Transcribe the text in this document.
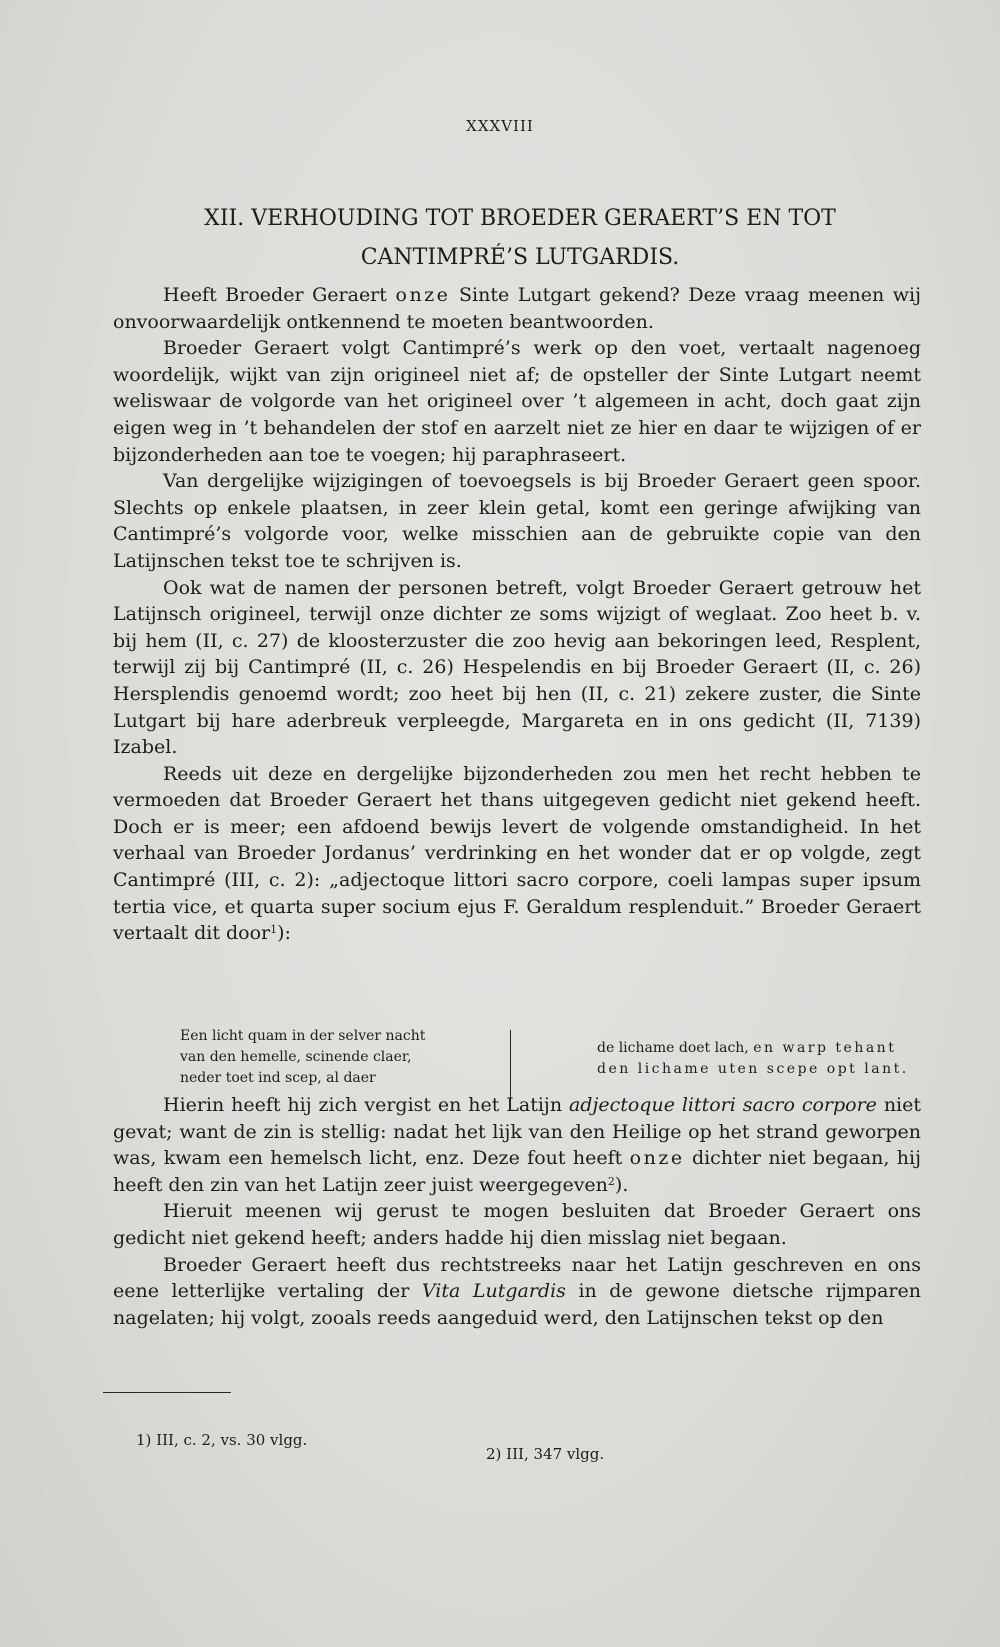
XXXVIII
XII. VERHOUDING TOT BROEDER GERAERT’S EN TOT
CANTIMPRÉ’S LUTGARDIS.

Heeft Broeder Geraert onze Sinte Lutgart gekend? Deze vraag meenen wij onvoorwaardelijk ontkennend te moeten beantwoorden.

Broeder Geraert volgt Cantimpré’s werk op den voet, vertaalt nagenoeg woordelijk, wijkt van zijn origineel niet af; de opsteller der Sinte Lutgart neemt weliswaar de volgorde van het origineel over ’t algemeen in acht, doch gaat zijn eigen weg in ’t behandelen der stof en aarzelt niet ze hier en daar te wijzigen of er bijzonderheden aan toe te voegen; hij paraphraseert.

Van dergelijke wijzigingen of toevoegsels is bij Broeder Geraert geen spoor. Slechts op enkele plaatsen, in zeer klein getal, komt een geringe afwijking van Cantimpré’s volgorde voor, welke misschien aan de gebruikte copie van den Latijnschen tekst toe te schrijven is.

Ook wat de namen der personen betreft, volgt Broeder Geraert getrouw het Latijnsch origineel, terwijl onze dichter ze soms wijzigt of weglaat. Zoo heet b. v. bij hem (II, c. 27) de kloosterzuster die zoo hevig aan bekoringen leed, Resplent, terwijl zij bij Cantimpré (II, c. 26) Hespelendis en bij Broeder Geraert (II, c. 26) Hersplendis genoemd wordt; zoo heet bij hen (II, c. 21) zekere zuster, die Sinte Lutgart bij hare aderbreuk verpleegde, Margareta en in ons gedicht (II, 7139) Izabel.

Reeds uit deze en dergelijke bijzonderheden zou men het recht hebben te vermoeden dat Broeder Geraert het thans uitgegeven gedicht niet gekend heeft. Doch er is meer; een afdoend bewijs levert de volgende omstandigheid. In het verhaal van Broeder Jordanus’ verdrinking en het wonder dat er op volgde, zegt Cantimpré (III, c. 2): „adjectoque littori sacro corpore, coeli lampas super ipsum tertia vice, et quarta super socium ejus F. Geraldum resplenduit.” Broeder Geraert vertaalt dit door$^1$):

Een licht quam in der selver nacht
van den hemelle, scinende claer,
neder toet ind scep, al daer
de lichame doet lach, en warp tehant
den lichame uten scepe opt lant.

Hierin heeft hij zich vergist en het Latijn adjectoque littori sacro corpore niet gevat; want de zin is stellig: nadat het lijk van den Heilige op het strand geworpen was, kwam een hemelsch licht, enz. Deze fout heeft onze dichter niet begaan, hij heeft den zin van het Latijn zeer juist weergegeven$^2$).

Hieruit meenen wij gerust te mogen besluiten dat Broeder Geraert ons gedicht niet gekend heeft; anders hadde hij dien misslag niet begaan.

Broeder Geraert heeft dus rechtstreeks naar het Latijn geschreven en ons eene letterlijke vertaling der Vita Lutgardis in de gewone dietsche rijmparen nagelaten; hij volgt, zooals reeds aangeduid werd, den Latijnschen tekst op den

1) III, c. 2, vs. 30 vlgg.
2) III, 347 vlgg.
